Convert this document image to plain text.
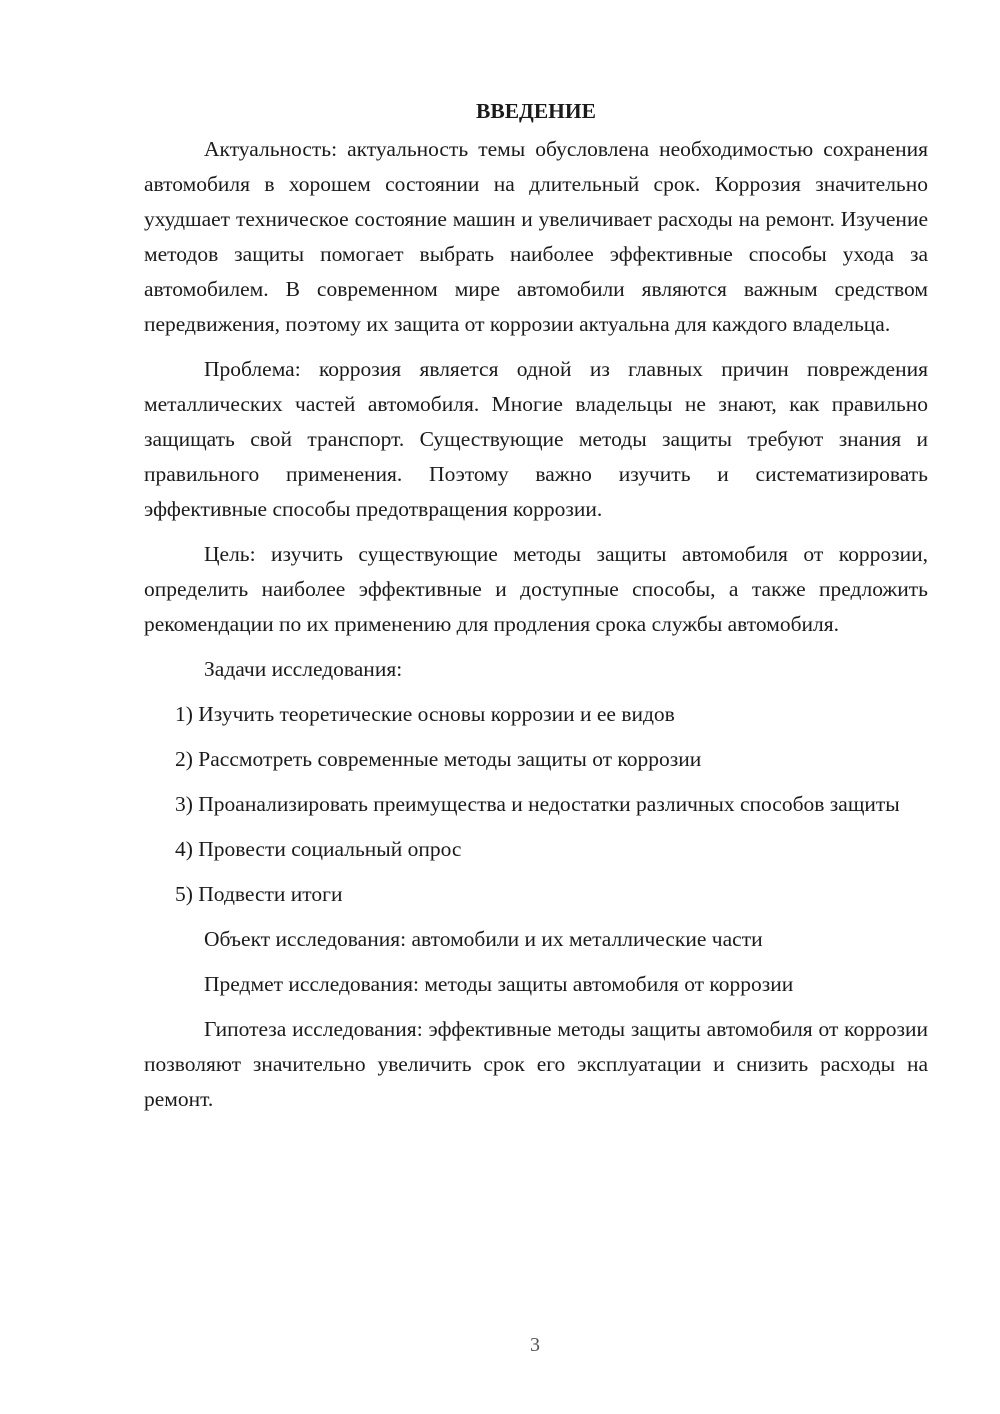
ВВЕДЕНИЕ

Актуальность: актуальность темы обусловлена необходимостью сохранения автомобиля в хорошем состоянии на длительный срок. Коррозия значительно ухудшает техническое состояние машин и увеличивает расходы на ремонт. Изучение методов защиты помогает выбрать наиболее эффективные способы ухода за автомобилем. В современном мире автомобили являются важным средством передвижения, поэтому их защита от коррозии актуальна для каждого владельца.

Проблема: коррозия является одной из главных причин повреждения металлических частей автомобиля. Многие владельцы не знают, как правильно защищать свой транспорт. Существующие методы защиты требуют знания и правильного применения. Поэтому важно изучить и систематизировать эффективные способы предотвращения коррозии.

Цель: изучить существующие методы защиты автомобиля от коррозии, определить наиболее эффективные и доступные способы, а также предложить рекомендации по их применению для продления срока службы автомобиля.

Задачи исследования:

1) Изучить теоретические основы коррозии и ее видов

2) Рассмотреть современные методы защиты от коррозии

3) Проанализировать преимущества и недостатки различных способов защиты

4) Провести социальный опрос

5) Подвести итоги

Объект исследования: автомобили и их металлические части

Предмет исследования: методы защиты автомобиля от коррозии

Гипотеза исследования: эффективные методы защиты автомобиля от коррозии позволяют значительно увеличить срок его эксплуатации и снизить расходы на ремонт.

3
